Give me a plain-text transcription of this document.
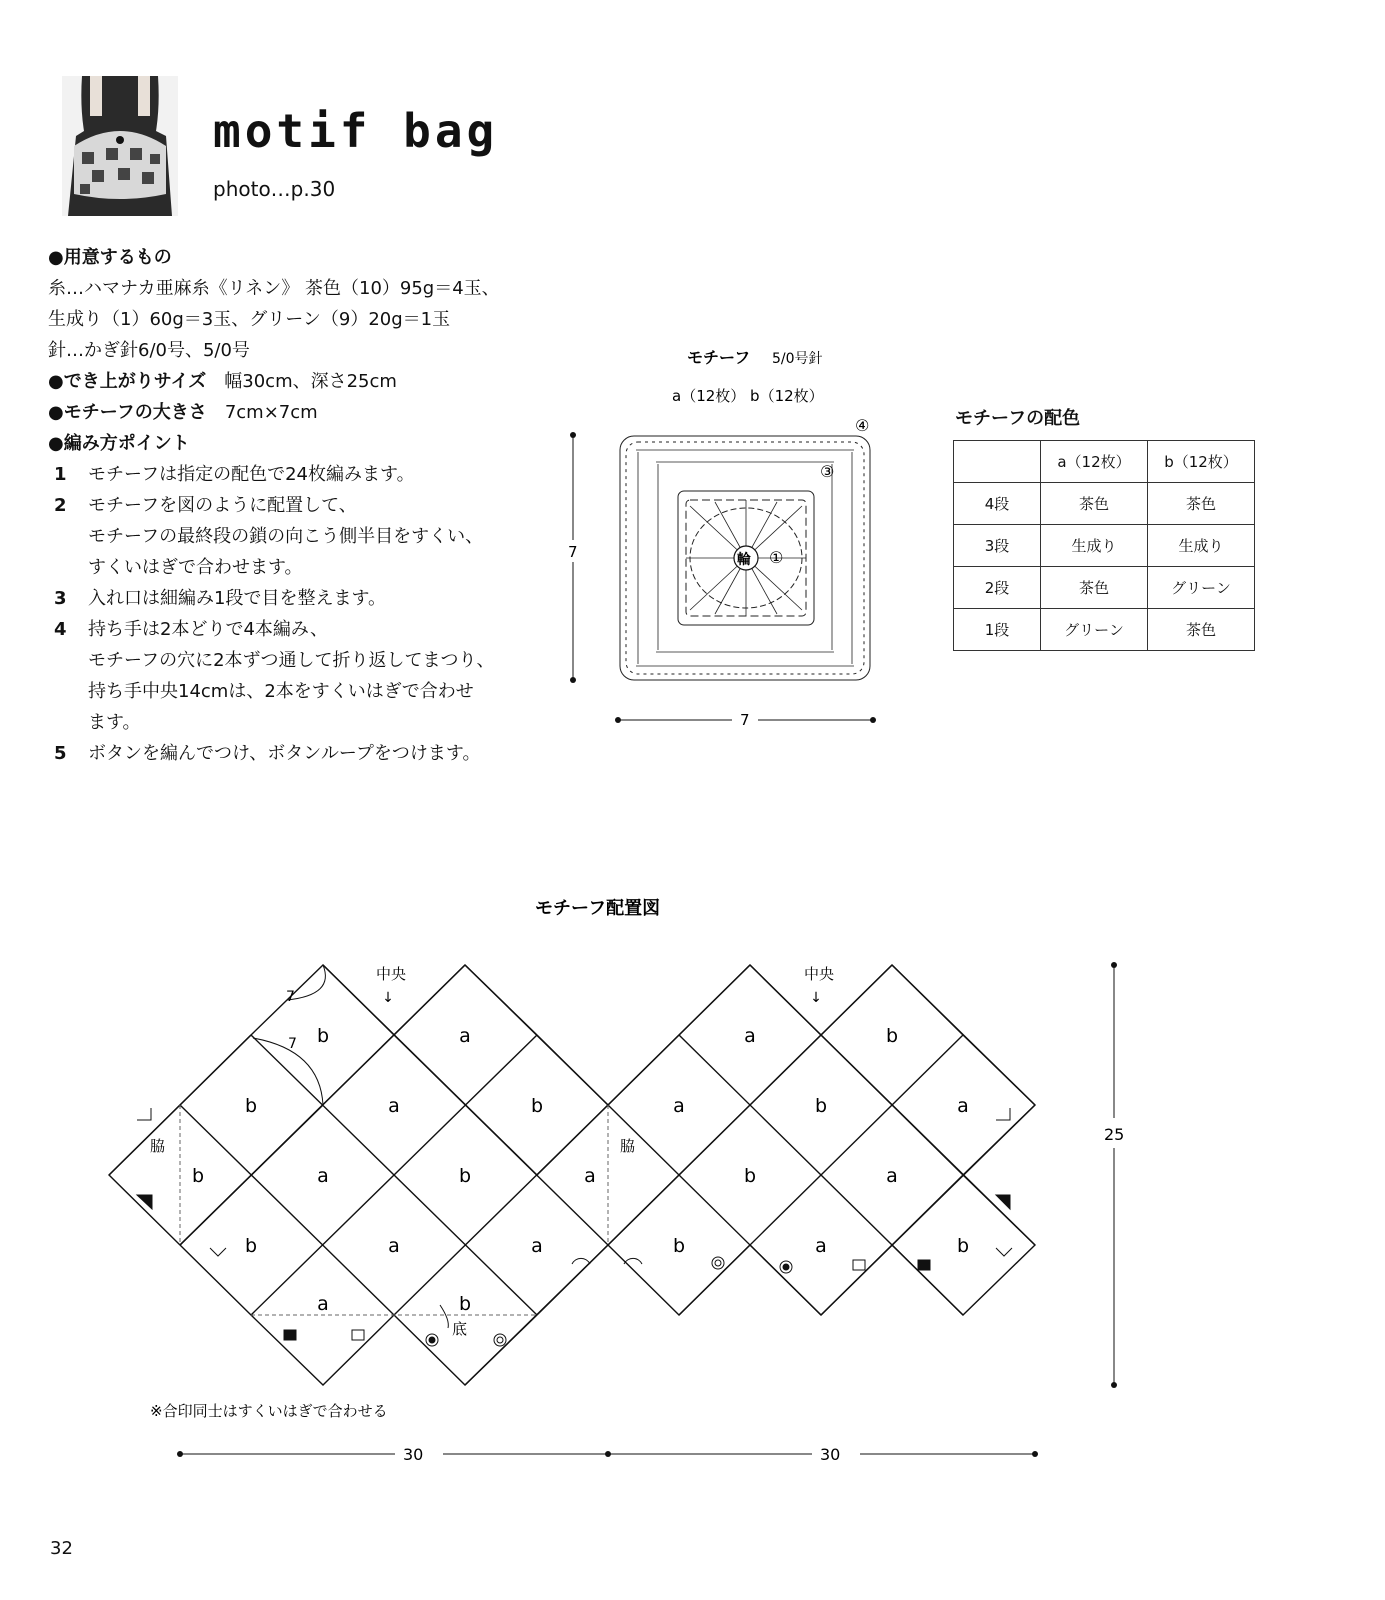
motif bag
photo…p.30
●用意するもの
糸…ハマナカ亜麻糸《リネン》 茶色（10）95g＝4玉、
生成り（1）60g＝3玉、グリーン（9）20g＝1玉
針…かぎ針6/0号、5/0号
●でき上がりサイズ　 幅30cm、深さ25cm
●モチーフの大きさ　 7cm×7cm
●編み方ポイント
1	モチーフは指定の配色で24枚編みます。
2	モチーフを図のように配置して、
モチーフの最終段の鎖の向こう側半目をすくい、
すくいはぎで合わせます。
3	入れ口は細編み1段で目を整えます。
4	持ち手は2本どりで4本編み、
モチーフの穴に2本ずつ通して折り返してまつり、
持ち手中央14cmは、2本をすくいはぎで合わせ
ます。
5	ボタンを編んでつけ、ボタンループをつけます。
モチーフ 5/0号針
a（12枚） b（12枚）
7
7
輪 ①
③
④	モチーフの配色
	a（12枚）	b（12枚）
4段	茶色	茶色
3段	生成り	生成り
2段	茶色	グリーン
1段	グリーン	茶色
モチーフ配置図
b	a	a	b
b	a	b	a	b	a
b	a	b	a	b	a
b	a	a	b	a	b
a	b
中央
↓
中央
↓
脇	脇
底
7
7
25
※合印同士はすくいはぎで合わせる
30	30
32
